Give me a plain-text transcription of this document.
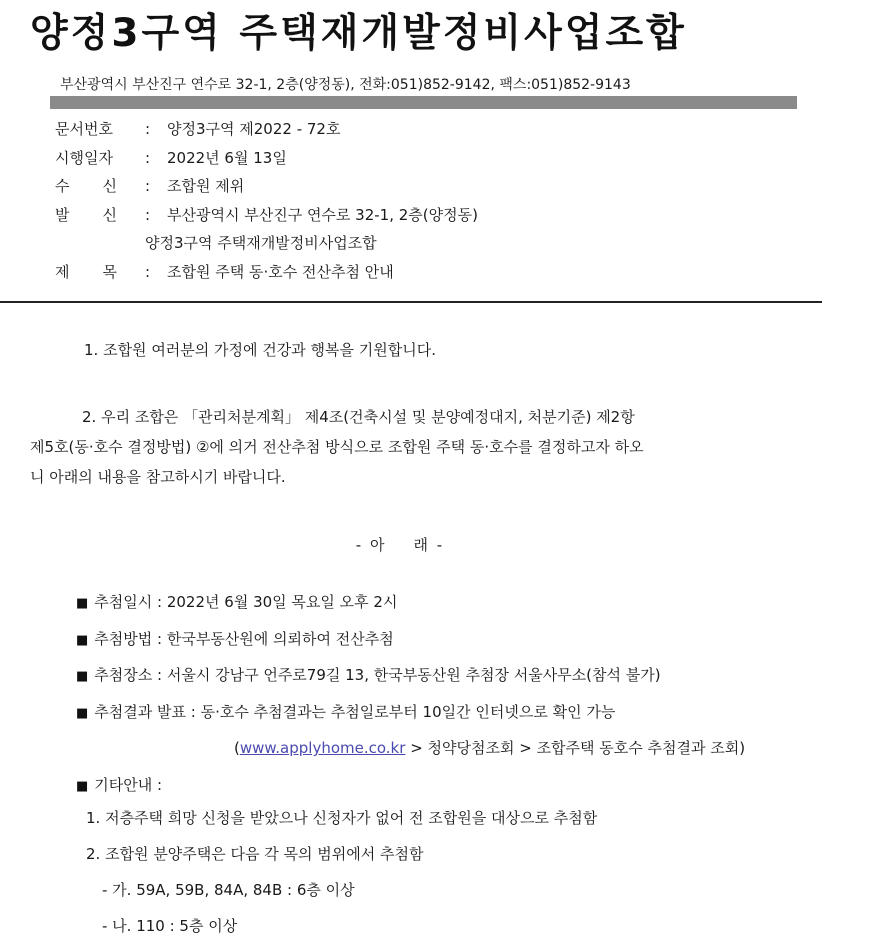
양정3구역 주택재개발정비사업조합
부산광역시 부산진구 연수로 32-1, 2층(양정동), 전화:051)852-9142, 팩스:051)852-9143
문서번호	:	양정3구역 제2022 - 72호
시행일자	:	2022년 6월 13일
수 신 :	조합원 제위
발 신 :	부산광역시 부산진구 연수로 32-1, 2층(양정동)
양정3구역 주택재개발정비사업조합
제 목 :	조합원 주택 동·호수 전산추첨 안내
1. 조합원 여러분의 가정에 건강과 행복을 기원합니다.
2. 우리 조합은 「관리처분계획」 제4조(건축시설 및 분양예정대지, 처분기준) 제2항
제5호(동·호수 결정방법) ②에 의거 전산추첨 방식으로 조합원 주택 동·호수를 결정하고자 하오
니 아래의 내용을 참고하시기 바랍니다.
- 아    래 -
■ 추첨일시 : 2022년 6월 30일 목요일 오후 2시
■ 추첨방법 : 한국부동산원에 의뢰하여 전산추첨
■ 추첨장소 : 서울시 강남구 언주로79길 13, 한국부동산원 추첨장 서울사무소(참석 불가)
■ 추첨결과 발표 : 동·호수 추첨결과는 추첨일로부터 10일간 인터넷으로 확인 가능
(www.applyhome.co.kr > 청약당첨조회 > 조합주택 동호수 추첨결과 조회)
■ 기타안내 :
1. 저층주택 희망 신청을 받았으나 신청자가 없어 전 조합원을 대상으로 추첨함
2. 조합원 분양주택은 다음 각 목의 범위에서 추첨함
- 가. 59A, 59B, 84A, 84B : 6층 이상
- 나. 110 : 5층 이상
